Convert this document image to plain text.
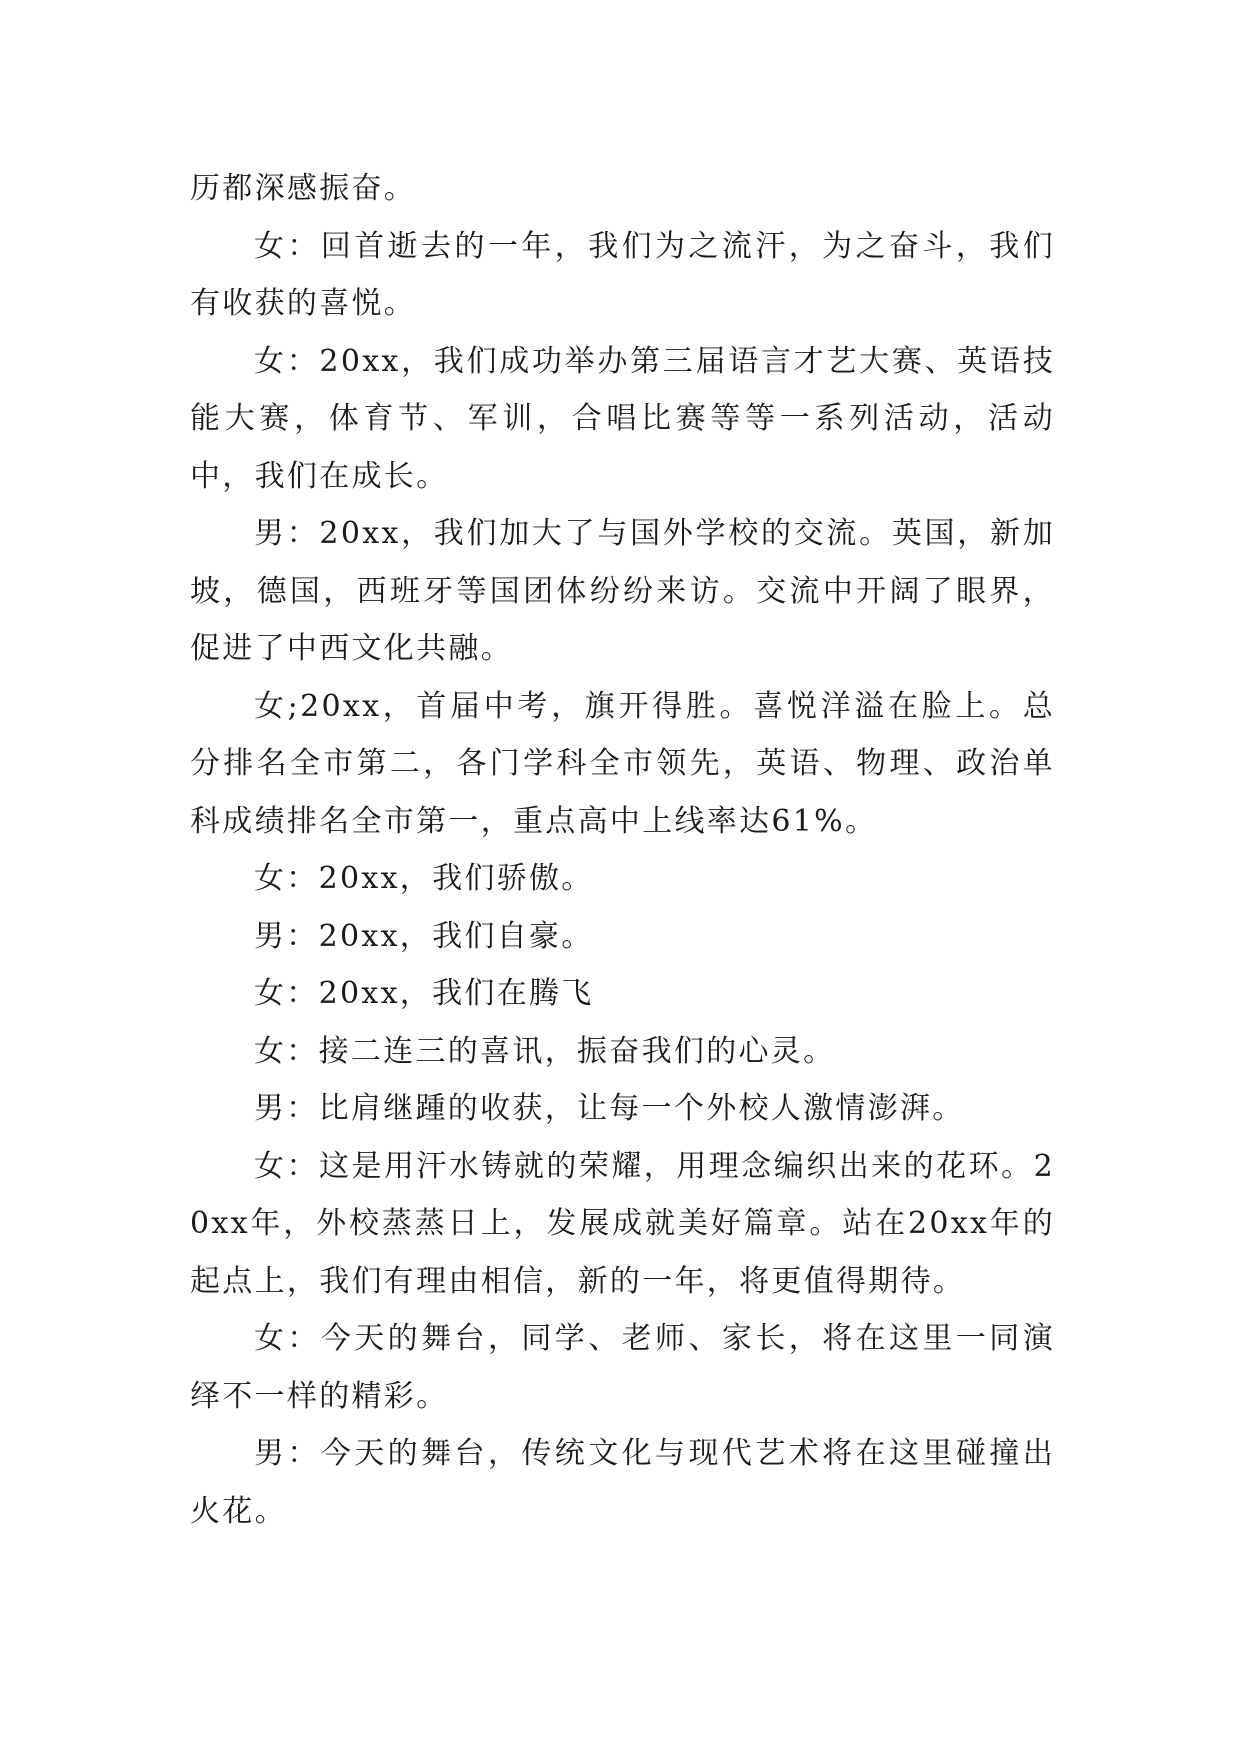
历都深感振奋。

女：回首逝去的一年，我们为之流汗，为之奋斗，我们有收获的喜悦。

女：20xx，我们成功举办第三届语言才艺大赛、英语技能大赛，体育节、军训，合唱比赛等等一系列活动，活动中，我们在成长。

男：20xx，我们加大了与国外学校的交流。英国，新加坡，德国，西班牙等国团体纷纷来访。交流中开阔了眼界，促进了中西文化共融。

女;20xx，首届中考，旗开得胜。喜悦洋溢在脸上。总分排名全市第二，各门学科全市领先，英语、物理、政治单科成绩排名全市第一，重点高中上线率达61%。

女：20xx，我们骄傲。

男：20xx，我们自豪。

女：20xx，我们在腾飞

女：接二连三的喜讯，振奋我们的心灵。

男：比肩继踵的收获，让每一个外校人激情澎湃。

女：这是用汗水铸就的荣耀，用理念编织出来的花环。20xx年，外校蒸蒸日上，发展成就美好篇章。站在20xx年的起点上，我们有理由相信，新的一年，将更值得期待。

女：今天的舞台，同学、老师、家长，将在这里一同演绎不一样的精彩。

男：今天的舞台，传统文化与现代艺术将在这里碰撞出火花。
